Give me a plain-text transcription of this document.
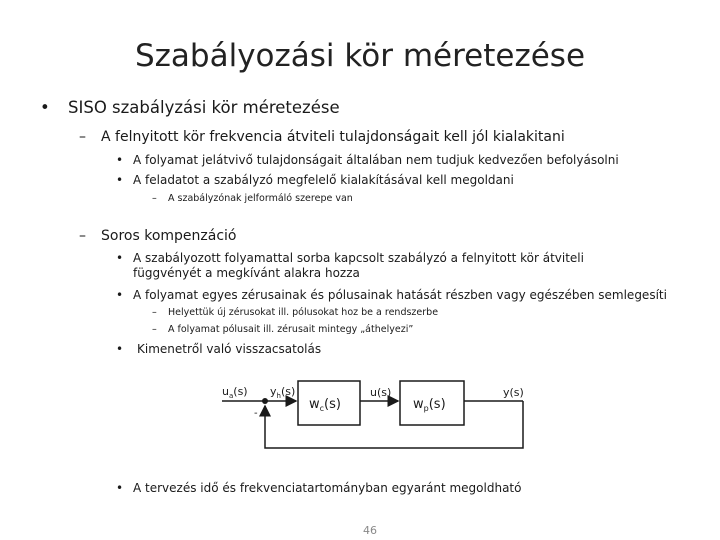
Szabályozási kör méretezése
• SISO szabályzási kör méretezése
– A felnyitott kör frekvencia átviteli tulajdonságait kell jól kialakitani
• A folyamat jelátvivő tulajdonságait általában nem tudjuk kedvezően befolyásolni
• A feladatot a szabályzó megfelelő kialakításával kell megoldani
– A szabályzónak jelformáló szerepe van
– Soros kompenzáció
• A szabályozott folyamattal sorba kapcsolt szabályzó a felnyitott kör átviteli függvényét a megkívánt alakra hozza
• A folyamat egyes zérusainak és pólusainak hatását részben vagy egészében semlegesíti
– Helyettük új zérusokat ill. pólusokat hoz be a rendszerbe
– A folyamat pólusait ill. zérusait mintegy „áthelyezi”
• Kimenetről való visszacsatolás
$u_a(s)$ $y_h(s)$
-
$w_c(s)$
u(s)
$w_p(s)$
y(s)
• A tervezés idő és frekvenciatartományban egyaránt megoldható
46
